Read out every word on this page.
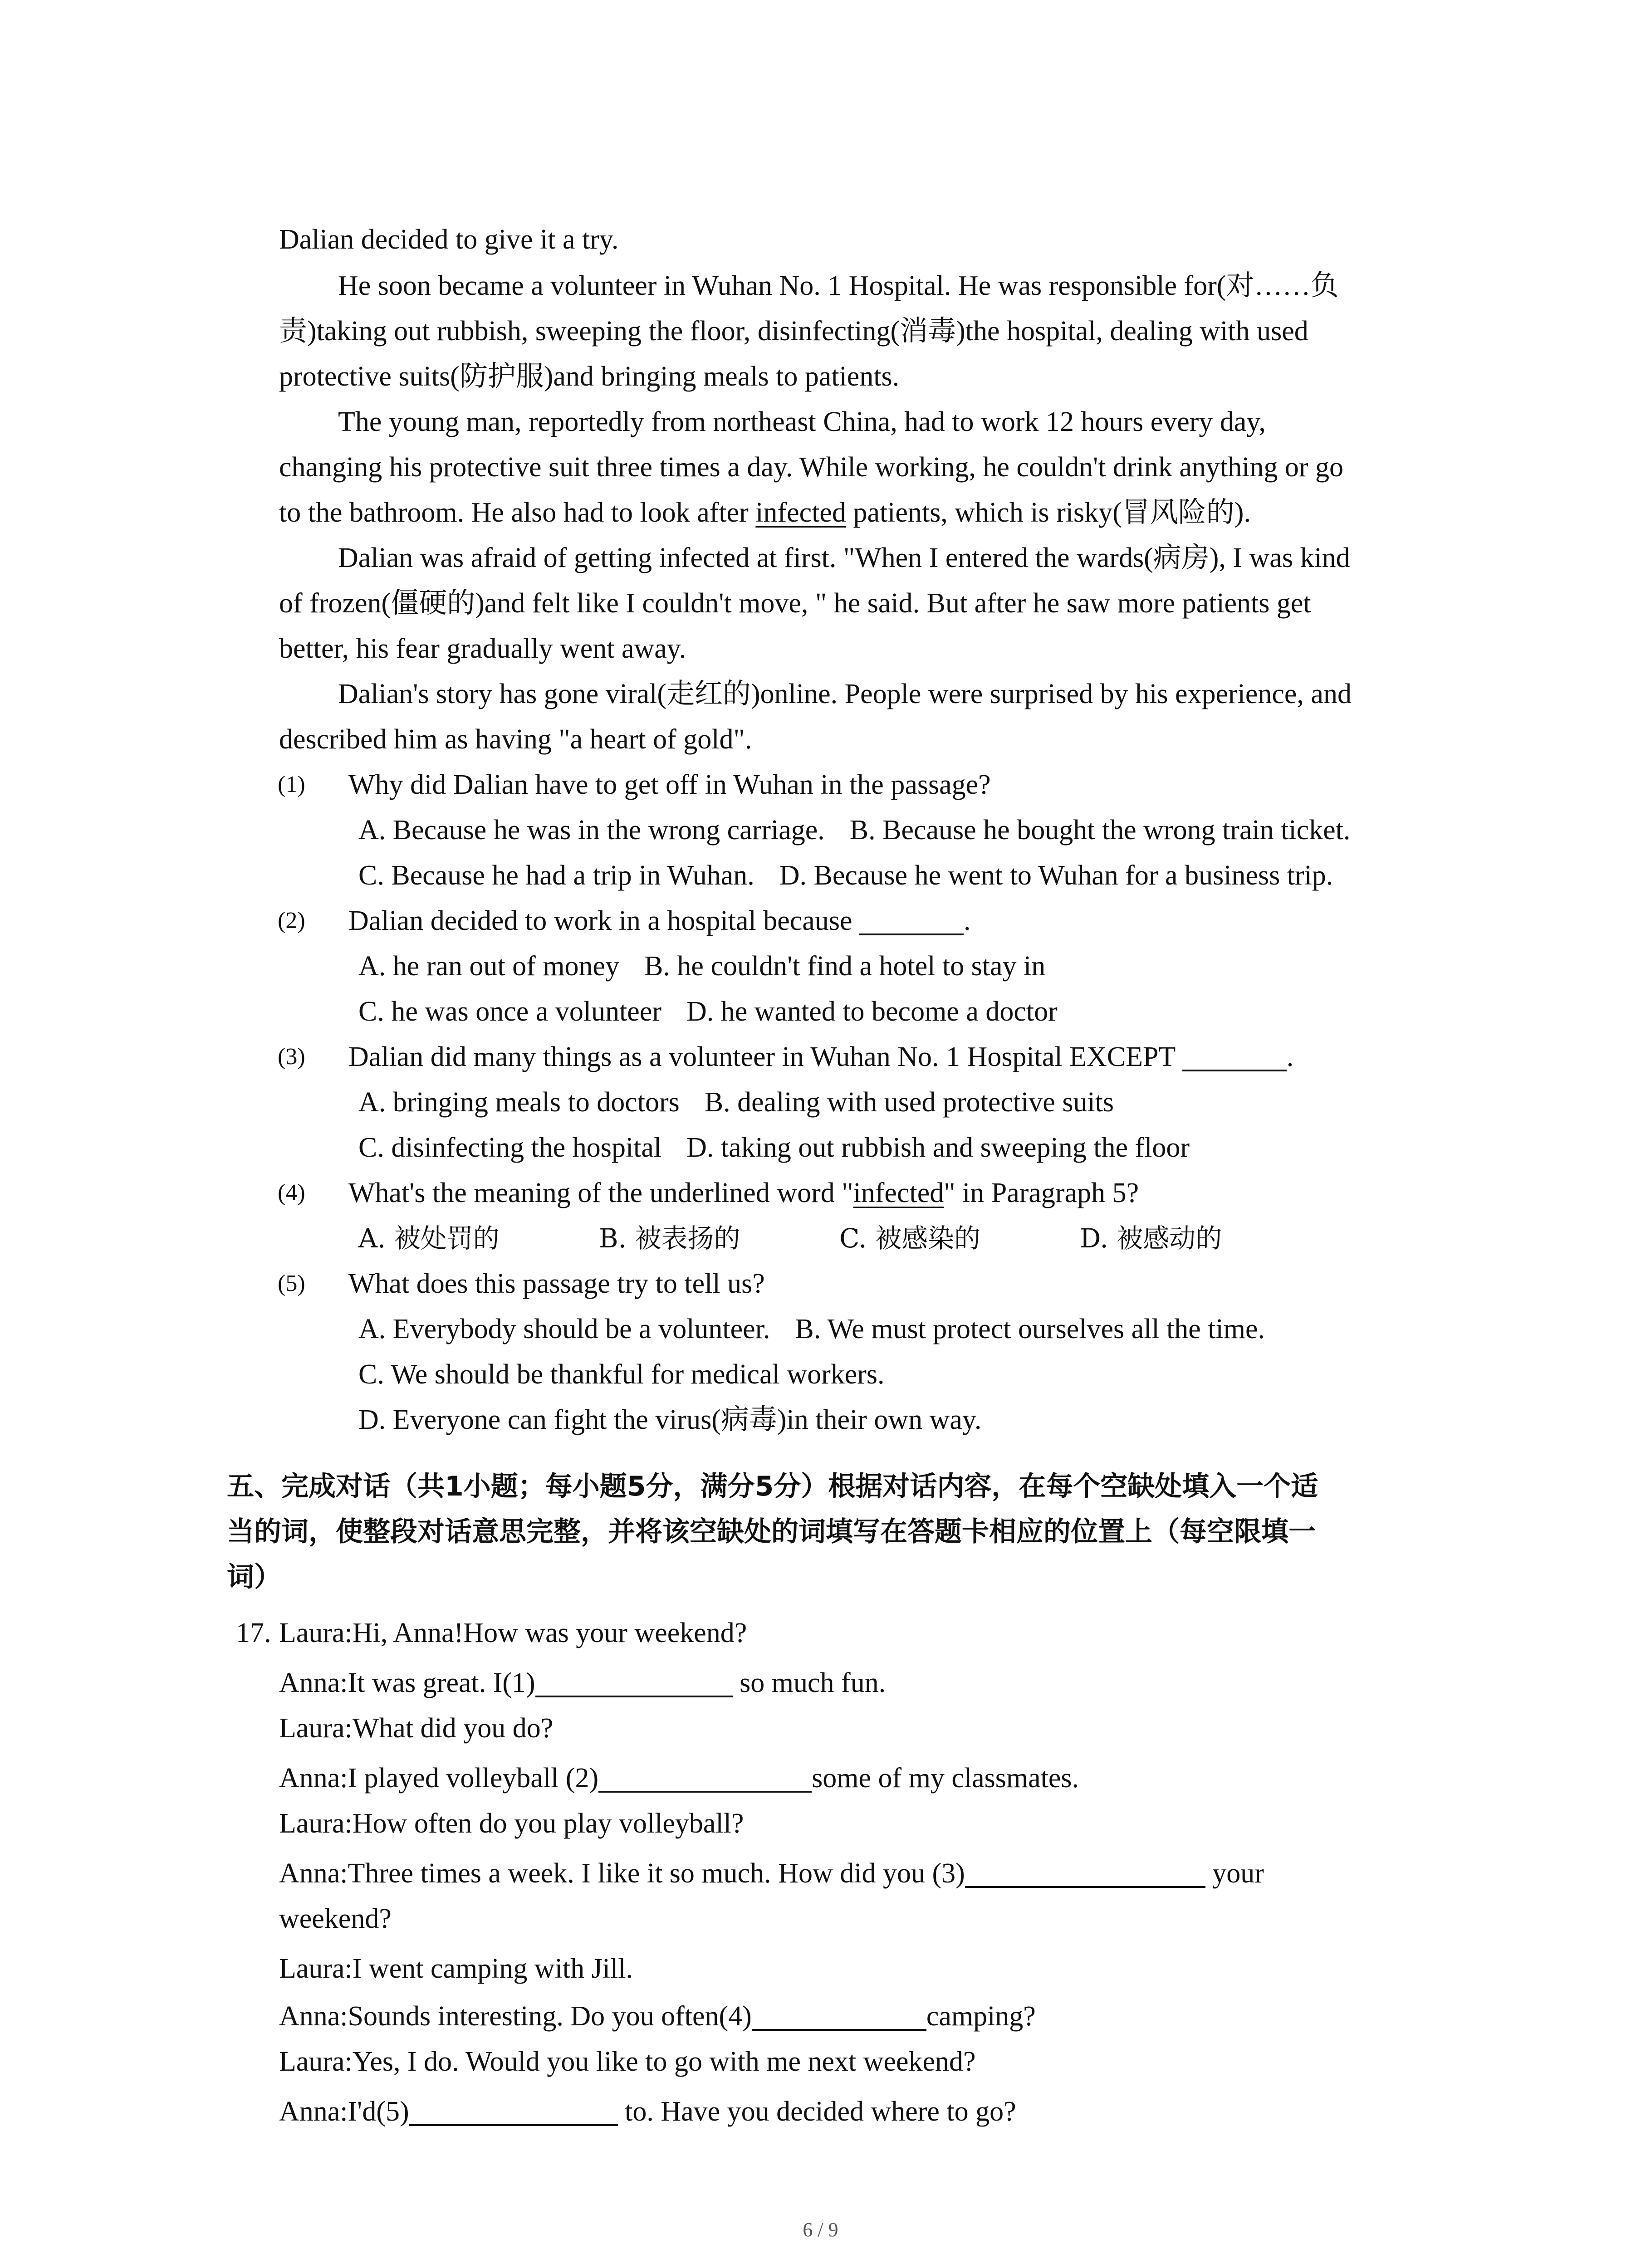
Dalian decided to give it a try.
He soon became a volunteer in Wuhan No. 1 Hospital. He was responsible for(对……负
责)taking out rubbish, sweeping the floor, disinfecting(消毒)the hospital, dealing with used
protective suits(防护服)and bringing meals to patients.
The young man, reportedly from northeast China, had to work 12 hours every day,
changing his protective suit three times a day. While working, he couldn't drink anything or go
to the bathroom. He also had to look after infected patients, which is risky(冒风险的).
Dalian was afraid of getting infected at first. "When I entered the wards(病房), I was kind
of frozen(僵硬的)and felt like I couldn't move, " he said. But after he saw more patients get
better, his fear gradually went away.
Dalian's story has gone viral(走红的)online. People were surprised by his experience, and
described him as having "a heart of gold".
(1) Why did Dalian have to get off in Wuhan in the passage?
A. Because he was in the wrong carriage. B. Because he bought the wrong train ticket.
C. Because he had a trip in Wuhan. D. Because he went to Wuhan for a business trip.
(2) Dalian decided to work in a hospital because	.
A. he ran out of money B. he couldn't find a hotel to stay in
C. he was once a volunteer D. he wanted to become a doctor
(3) Dalian did many things as a volunteer in Wuhan No. 1 Hospital EXCEPT	.
A. bringing meals to doctors B. dealing with used protective suits
C. disinfecting the hospital D. taking out rubbish and sweeping the floor
(4) What's the meaning of the underlined word "infected" in Paragraph 5?
A. 被处罚的	B. 被表扬的	C. 被感染的	D. 被感动的
(5) What does this passage try to tell us?
A. Everybody should be a volunteer. B. We must protect ourselves all the time.
C. We should be thankful for medical workers.
D. Everyone can fight the virus(病毒)in their own way.
五、完成对话（共1小题；每小题5分，满分5分）根据对话内容，在每个空缺处填入一个适
当的词，使整段对话意思完整，并将该空缺处的词填写在答题卡相应的位置上（每空限填一
词）
17. Laura:Hi, Anna!How was your weekend?
Anna:It was great. I(1)	so much fun.
Laura:What did you do?
Anna:I played volleyball (2)	some of my classmates.
Laura:How often do you play volleyball?
Anna:Three times a week. I like it so much. How did you (3)	your
weekend?
Laura:I went camping with Jill.
Anna:Sounds interesting. Do you often(4)	camping?
Laura:Yes, I do. Would you like to go with me next weekend?
Anna:I'd(5)	to. Have you decided where to go?
6 / 9
